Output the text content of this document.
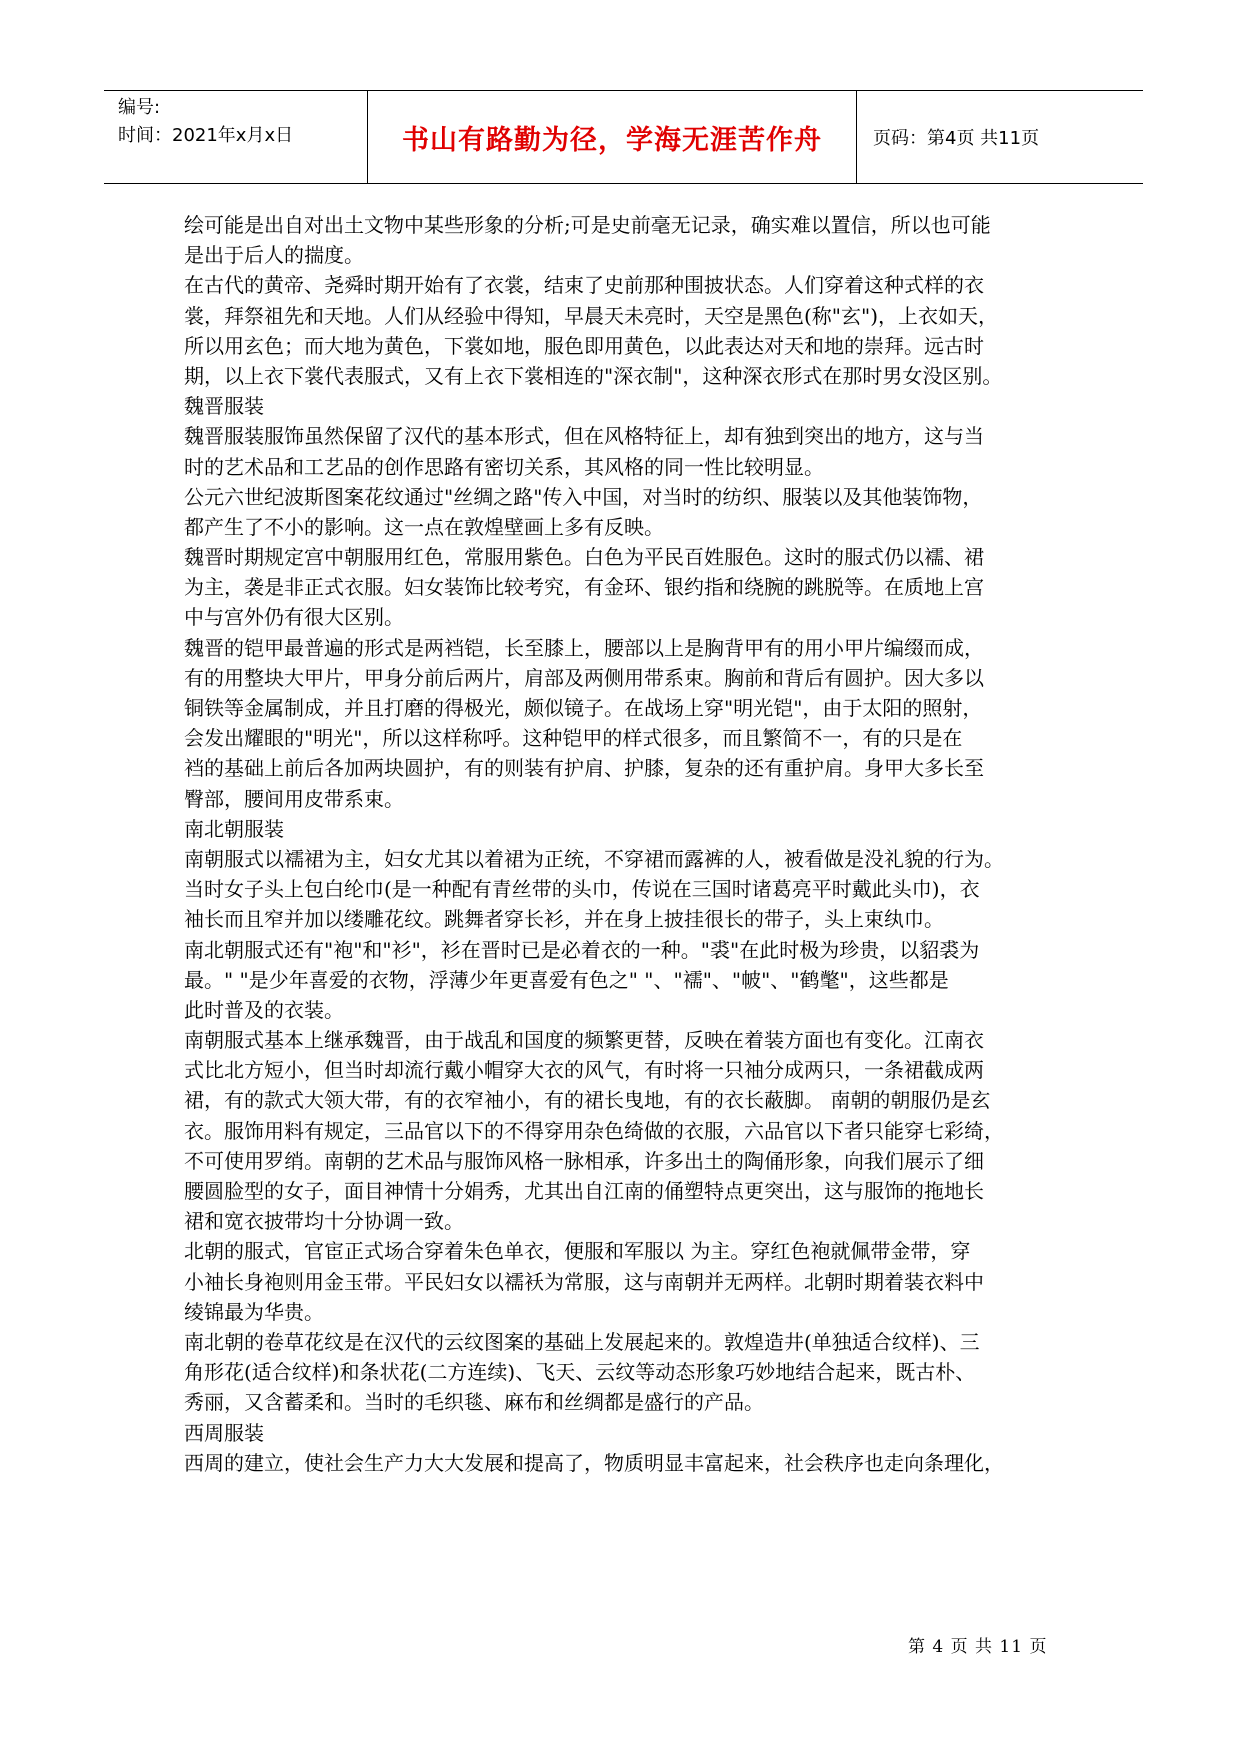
编号:
时间：2021年x月x日	书山有路勤为径，学海无涯苦作舟	页码：第4页 共11页
绘可能是出自对出土文物中某些形象的分析;可是史前毫无记录，确实难以置信，所以也可能
是出于后人的揣度。
在古代的黄帝、尧舜时期开始有了衣裳，结束了史前那种围披状态。人们穿着这种式样的衣
裳，拜祭祖先和天地。人们从经验中得知，早晨天未亮时，天空是黑色(称"玄")，上衣如天，
所以用玄色；而大地为黄色，下裳如地，服色即用黄色，以此表达对天和地的崇拜。远古时
期，以上衣下裳代表服式，又有上衣下裳相连的"深衣制"，这种深衣形式在那时男女没区别。
魏晋服装
魏晋服装服饰虽然保留了汉代的基本形式，但在风格特征上，却有独到突出的地方，这与当
时的艺术品和工艺品的创作思路有密切关系，其风格的同一性比较明显。
公元六世纪波斯图案花纹通过"丝绸之路"传入中国，对当时的纺织、服装以及其他装饰物，
都产生了不小的影响。这一点在敦煌壁画上多有反映。
魏晋时期规定宫中朝服用红色，常服用紫色。白色为平民百姓服色。这时的服式仍以襦、裙
为主，袭是非正式衣服。妇女装饰比较考究，有金环、银约指和绕腕的跳脱等。在质地上宫
中与宫外仍有很大区别。
魏晋的铠甲最普遍的形式是两裆铠，长至膝上，腰部以上是胸背甲有的用小甲片编缀而成，
有的用整块大甲片，甲身分前后两片，肩部及两侧用带系束。胸前和背后有圆护。因大多以
铜铁等金属制成，并且打磨的得极光，颇似镜子。在战场上穿"明光铠"，由于太阳的照射，
会发出耀眼的"明光"，所以这样称呼。这种铠甲的样式很多，而且繁简不一，有的只是在
裆的基础上前后各加两块圆护，有的则装有护肩、护膝，复杂的还有重护肩。身甲大多长至
臀部，腰间用皮带系束。
南北朝服装
南朝服式以襦裙为主，妇女尤其以着裙为正统，不穿裙而露裤的人，被看做是没礼貌的行为。
当时女子头上包白纶巾(是一种配有青丝带的头巾，传说在三国时诸葛亮平时戴此头巾)，衣
袖长而且窄并加以缕雕花纹。跳舞者穿长衫，并在身上披挂很长的带子，头上束纨巾。
南北朝服式还有"袍"和"衫"，衫在晋时已是必着衣的一种。"裘"在此时极为珍贵，以貂裘为
最。" "是少年喜爱的衣物，浮薄少年更喜爱有色之" "、"襦"、"帔"、"鹤氅"，这些都是
此时普及的衣装。
南朝服式基本上继承魏晋，由于战乱和国度的频繁更替，反映在着装方面也有变化。江南衣
式比北方短小，但当时却流行戴小帽穿大衣的风气，有时将一只袖分成两只，一条裙截成两
裙，有的款式大领大带，有的衣窄袖小，有的裙长曳地，有的衣长蔽脚。 南朝的朝服仍是玄
衣。服饰用料有规定，三品官以下的不得穿用杂色绮做的衣服，六品官以下者只能穿七彩绮，
不可使用罗绡。南朝的艺术品与服饰风格一脉相承，许多出土的陶俑形象，向我们展示了细
腰圆脸型的女子，面目神情十分娟秀，尤其出自江南的俑塑特点更突出，这与服饰的拖地长
裙和宽衣披带均十分协调一致。
北朝的服式，官宦正式场合穿着朱色单衣，便服和军服以 为主。穿红色袍就佩带金带，穿
小袖长身袍则用金玉带。平民妇女以襦袄为常服，这与南朝并无两样。北朝时期着装衣料中
绫锦最为华贵。
南北朝的卷草花纹是在汉代的云纹图案的基础上发展起来的。敦煌造井(单独适合纹样)、三
角形花(适合纹样)和条状花(二方连续)、飞天、云纹等动态形象巧妙地结合起来，既古朴、
秀丽，又含蓄柔和。当时的毛织毯、麻布和丝绸都是盛行的产品。
西周服装
西周的建立，使社会生产力大大发展和提高了，物质明显丰富起来，社会秩序也走向条理化，
第 4 页 共 11 页
